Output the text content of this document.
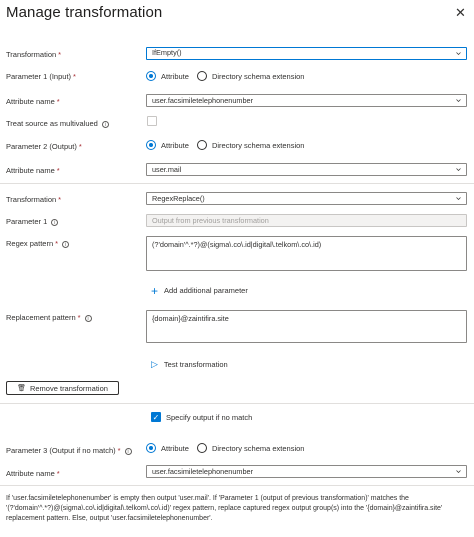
Manage transformation	✕
Transformation *	IfEmpty()
Parameter 1 (Input) *	Attribute	Directory schema extension
Attribute name *	user.facsimiletelephonenumber
Treat source as multivalued i
Parameter 2 (Output) *	Attribute	Directory schema extension
Attribute name *	user.mail
Transformation *	RegexReplace()
Parameter 1 i	Output from previous transformation
Regex pattern * i	(?'domain'^.*?)@(sigma\.co\.id|digital\.telkom\.co\.id)
+ Add additional parameter
Replacement pattern * i	{domain}@zaintifira.site
▷ Test transformation
🗑 Remove transformation
✓ Specify output if no match
Parameter 3 (Output if no match) * i	Attribute	Directory schema extension
Attribute name *	user.facsimiletelephonenumber
If 'user.facsimiletelephonenumber' is empty then output 'user.mail'. If 'Parameter 1 (output of previous transformation)' matches the '(?'domain'^.*?)@(sigma\.co\.id|digital\.telkom\.co\.id)' regex pattern, replace captured regex output group(s) into the '{domain}@zaintifira.site' replacement pattern. Else, output 'user.facsimiletelephonenumber'.
